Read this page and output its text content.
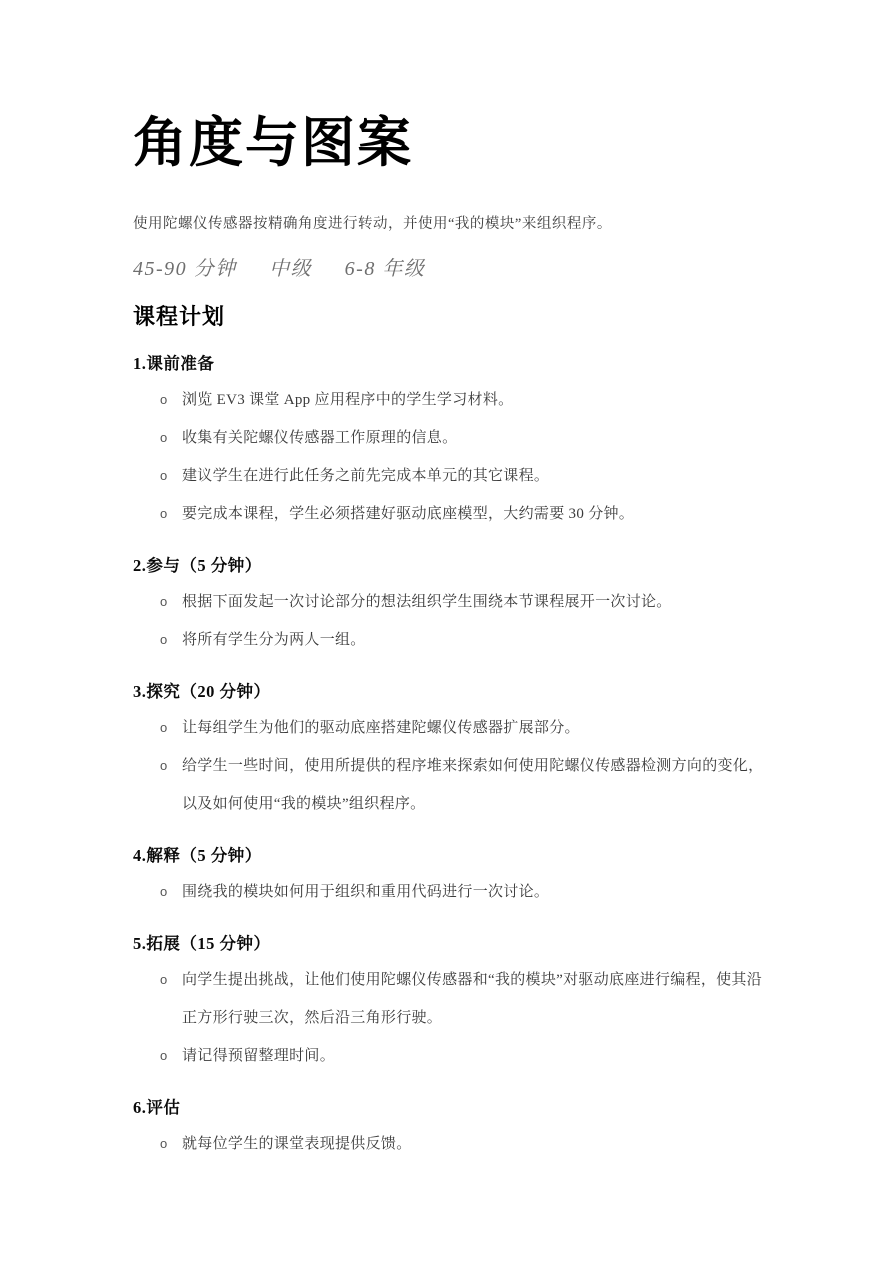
角度与图案

使用陀螺仪传感器按精确角度进行转动，并使用“我的模块”来组织程序。

45-90 分钟 中级 6-8 年级

课程计划
1.课前准备
o 浏览 EV3 课堂 App 应用程序中的学生学习材料。
o 收集有关陀螺仪传感器工作原理的信息。
o 建议学生在进行此任务之前先完成本单元的其它课程。
o 要完成本课程，学生必须搭建好驱动底座模型，大约需要 30 分钟。
2.参与（5 分钟）
o 根据下面发起一次讨论部分的想法组织学生围绕本节课程展开一次讨论。
o 将所有学生分为两人一组。
3.探究（20 分钟）
o 让每组学生为他们的驱动底座搭建陀螺仪传感器扩展部分。
o 给学生一些时间，使用所提供的程序堆来探索如何使用陀螺仪传感器检测方向的变化，以及如何使用“我的模块”组织程序。
4.解释（5 分钟）
o 围绕我的模块如何用于组织和重用代码进行一次讨论。
5.拓展（15 分钟）
o 向学生提出挑战，让他们使用陀螺仪传感器和“我的模块”对驱动底座进行编程，使其沿正方形行驶三次，然后沿三角形行驶。
o 请记得预留整理时间。
6.评估
o 就每位学生的课堂表现提供反馈。
